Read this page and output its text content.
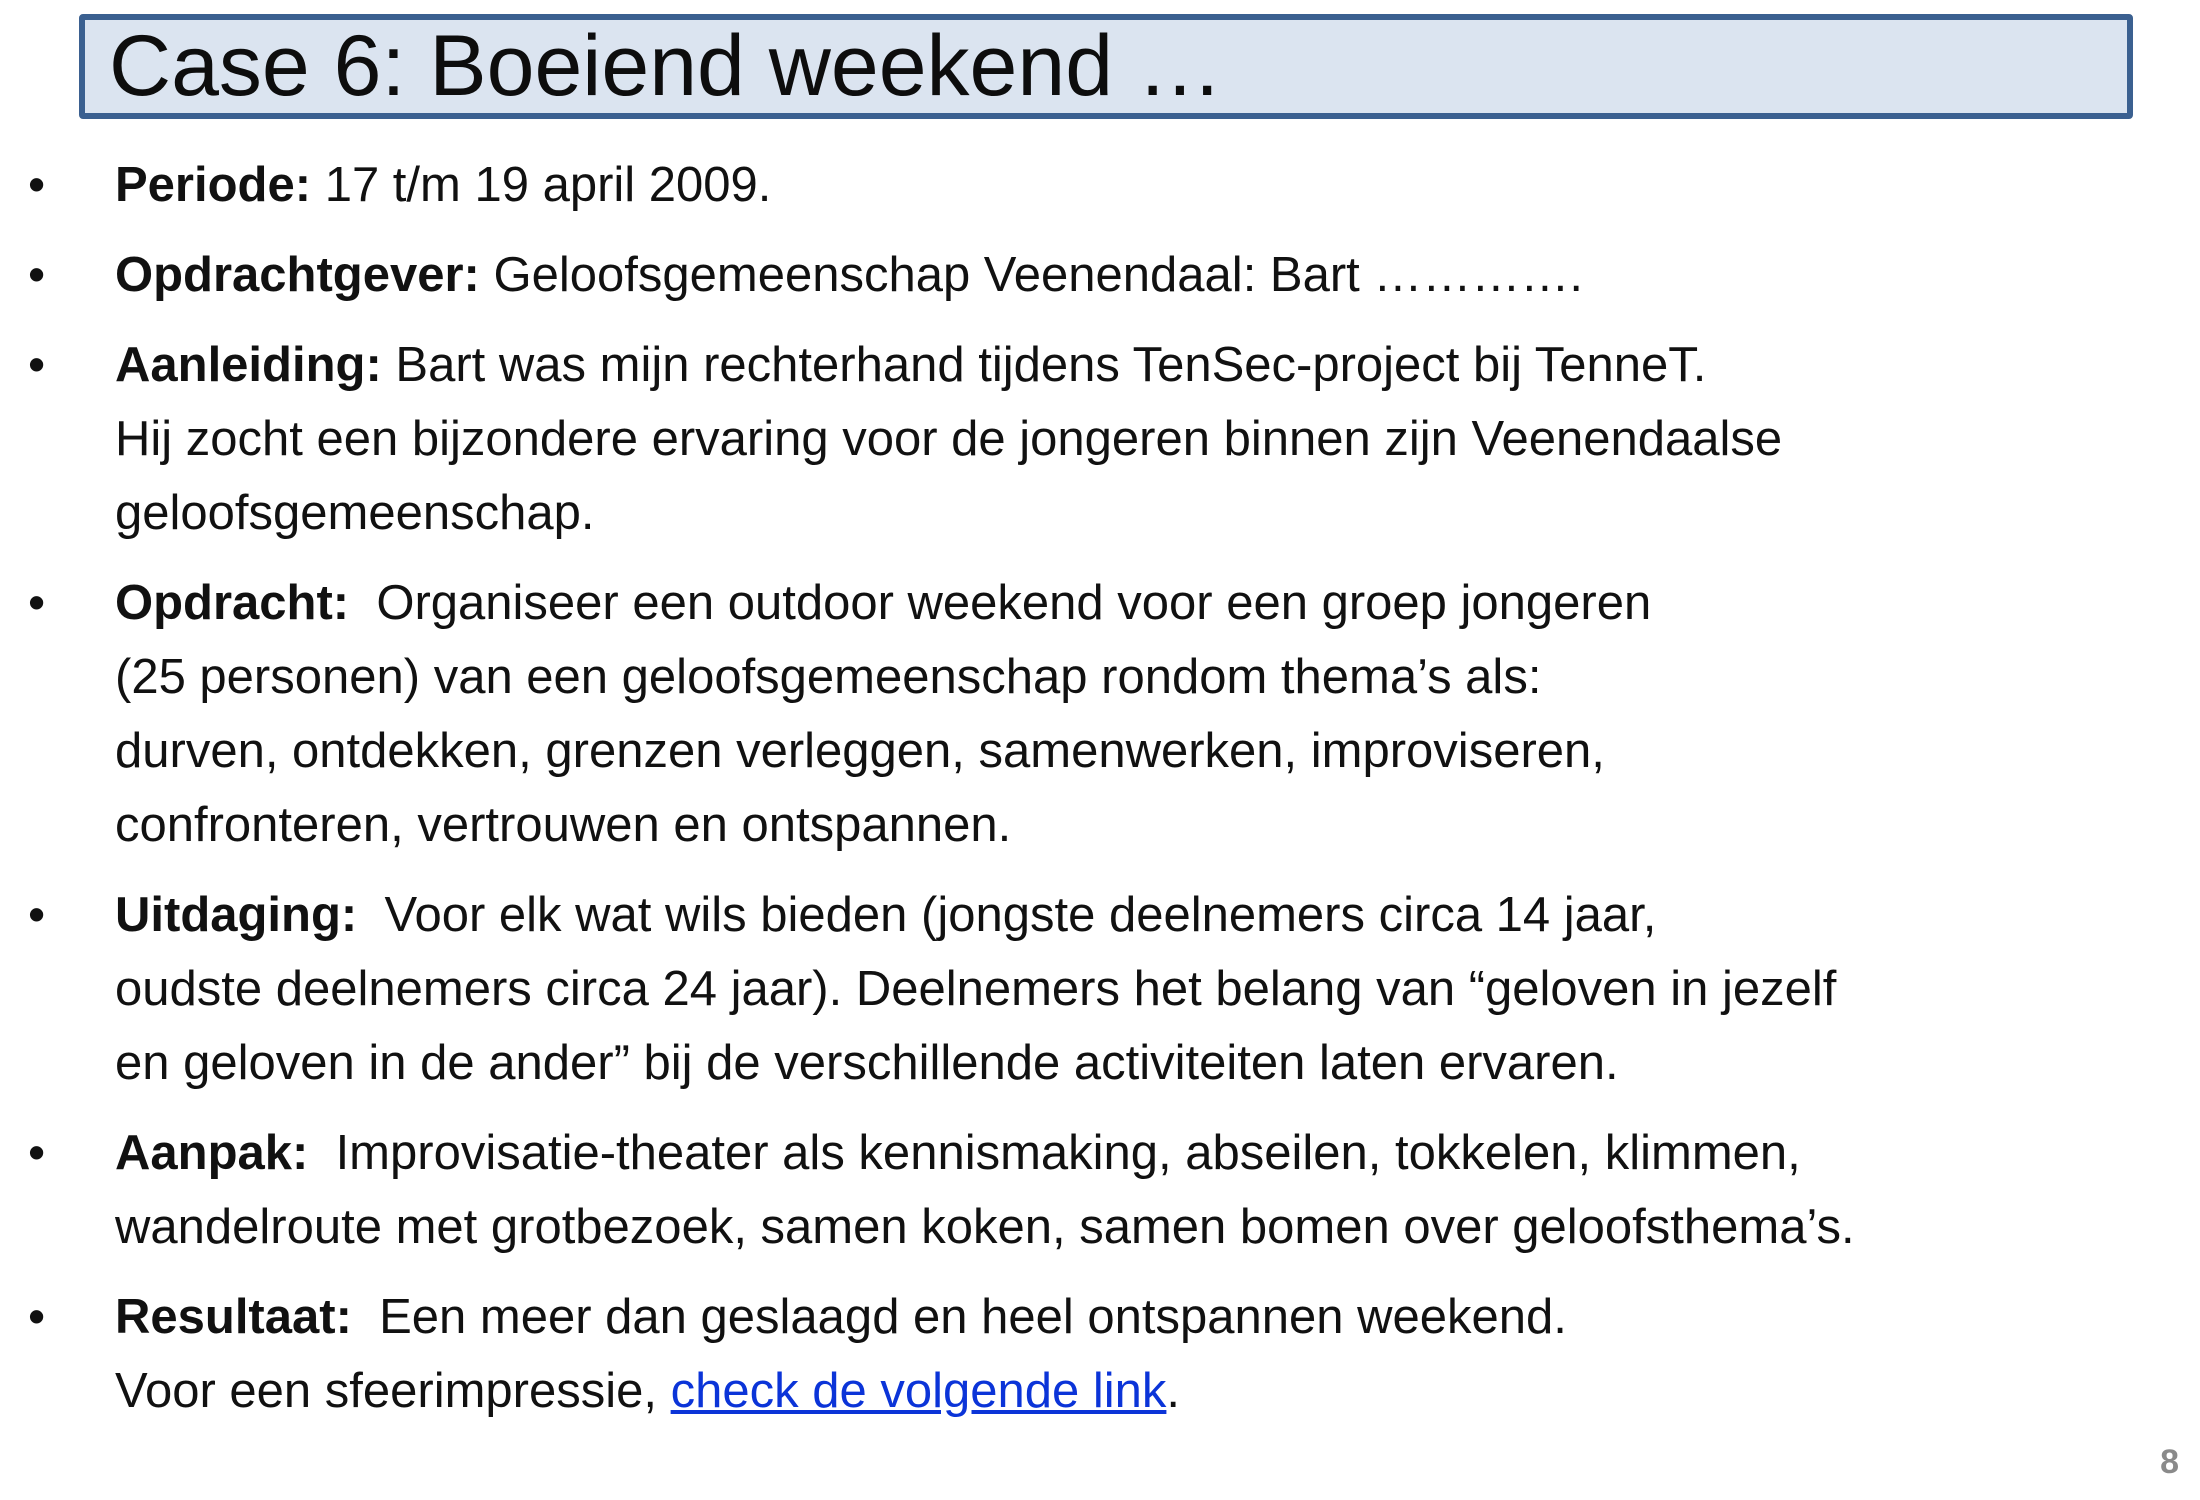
Case 6: Boeiend weekend …
• Periode: 17 t/m 19 april 2009.
• Opdrachtgever: Geloofsgemeenschap Veenendaal: Bart ………….
• Aanleiding: Bart was mijn rechterhand tijdens TenSec-project bij TenneT.
Hij zocht een bijzondere ervaring voor de jongeren binnen zijn Veenendaalse
geloofsgemeenschap.
• Opdracht: Organiseer een outdoor weekend voor een groep jongeren
(25 personen) van een geloofsgemeenschap rondom thema’s als:
durven, ontdekken, grenzen verleggen, samenwerken, improviseren,
confronteren, vertrouwen en ontspannen.
• Uitdaging: Voor elk wat wils bieden (jongste deelnemers circa 14 jaar,
oudste deelnemers circa 24 jaar). Deelnemers het belang van “geloven in jezelf
en geloven in de ander” bij de verschillende activiteiten laten ervaren.
• Aanpak: Improvisatie-theater als kennismaking, abseilen, tokkelen, klimmen,
wandelroute met grotbezoek, samen koken, samen bomen over geloofsthema’s.
• Resultaat: Een meer dan geslaagd en heel ontspannen weekend.
Voor een sfeerimpressie, check de volgende link.
8
